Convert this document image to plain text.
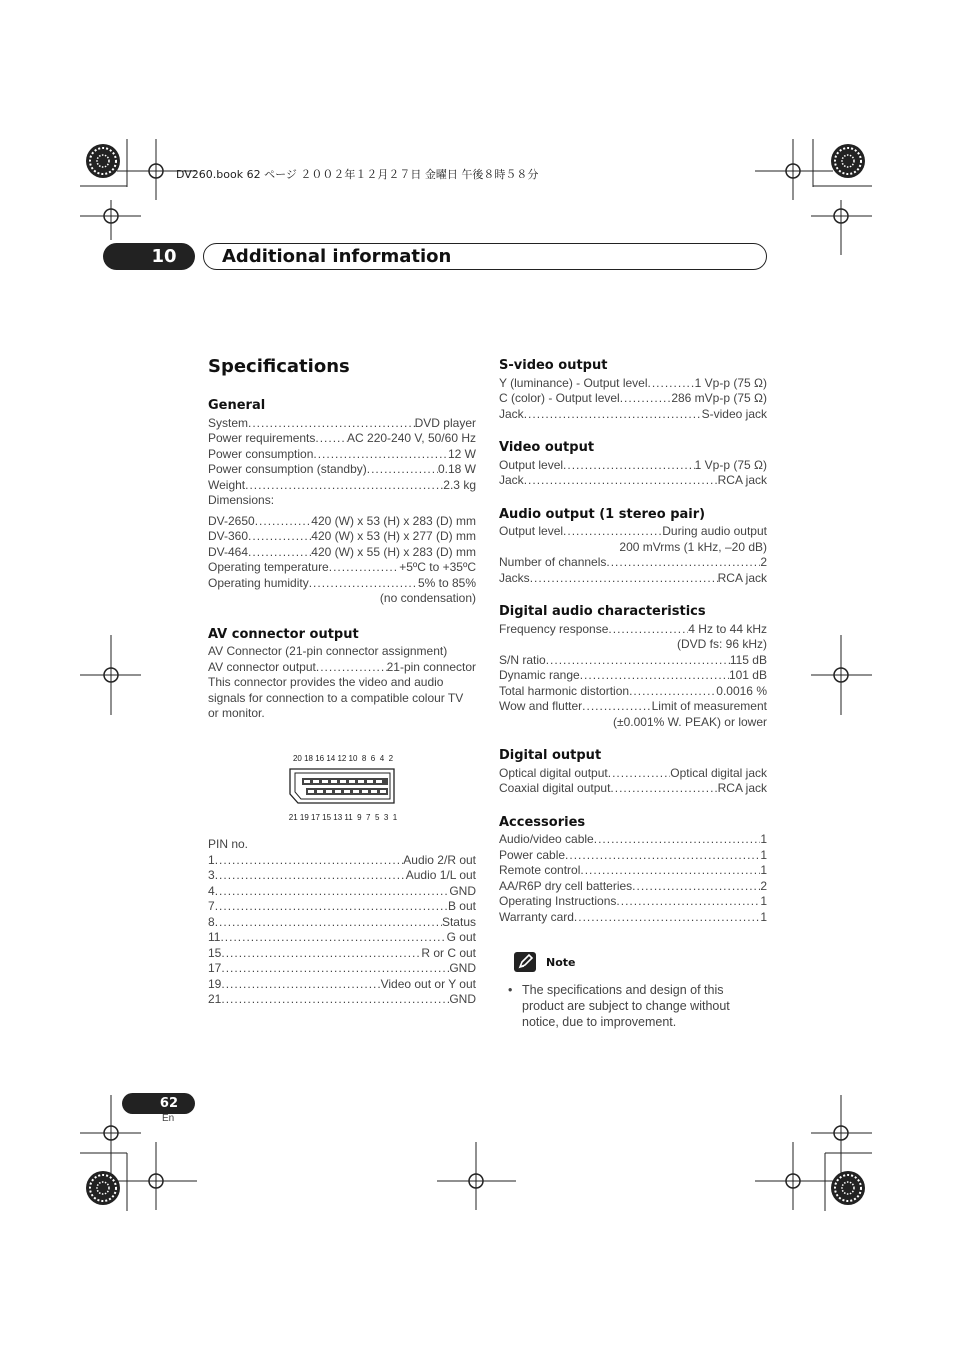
DV260.book 62 ページ ２００２年１２月２７日 金曜日 午後８時５８分
10	Additional information
Specifications
General
System .....	DVD player
Power requirements .....	AC 220-240 V, 50/60 Hz
Power consumption .....	12 W
Power consumption (standby) .....	0.18 W
Weight .....	2.3 kg
Dimensions:
DV-2650 .....	420 (W) x 53 (H) x 283 (D) mm
DV-360 .....	420 (W) x 53 (H) x 277 (D) mm
DV-464 .....	420 (W) x 55 (H) x 283 (D) mm
Operating temperature .....	+5ºC to +35ºC
Operating humidity .....	5% to 85%
(no condensation)
AV connector output
AV Connector (21-pin connector assignment)
AV connector output .....	21-pin connector
This connector provides the video and audio signals for connection to a compatible colour TV or monitor.
20 18 16 14 12 10  8  6  4  2
21 19 17 15 13 11  9  7  5  3  1
PIN no.
1 .....	Audio 2/R out
3 .....	Audio 1/L out
4 .....	GND
7 .....	B out
8 .....	Status
11 .....	G out
15 .....	R or C out
17 .....	GND
19 .....	Video out or Y out
21 .....	GND
S-video output
Y (luminance) - Output level .....	1 Vp-p (75 Ω)
C (color) - Output level .....	286 mVp-p (75 Ω)
Jack .....	S-video jack
Video output
Output level .....	1 Vp-p (75 Ω)
Jack .....	RCA jack
Audio output (1 stereo pair)
Output level .....	During audio output
200 mVrms (1 kHz, –20 dB)
Number of channels .....	2
Jacks .....	RCA jack
Digital audio characteristics
Frequency response .....	4 Hz to 44 kHz
(DVD fs: 96 kHz)
S/N ratio .....	115 dB
Dynamic range .....	101 dB
Total harmonic distortion .....	0.0016 %
Wow and flutter .....	Limit of measurement
(±0.001% W. PEAK) or lower
Digital output
Optical digital output .....	Optical digital jack
Coaxial digital output .....	RCA jack
Accessories
Audio/video cable .....	1
Power cable .....	1
Remote control .....	1
AA/R6P dry cell batteries .....	2
Operating Instructions .....	1
Warranty card .....	1
Note
• The specifications and design of this product are subject to change without notice, due to improvement.
62
En
